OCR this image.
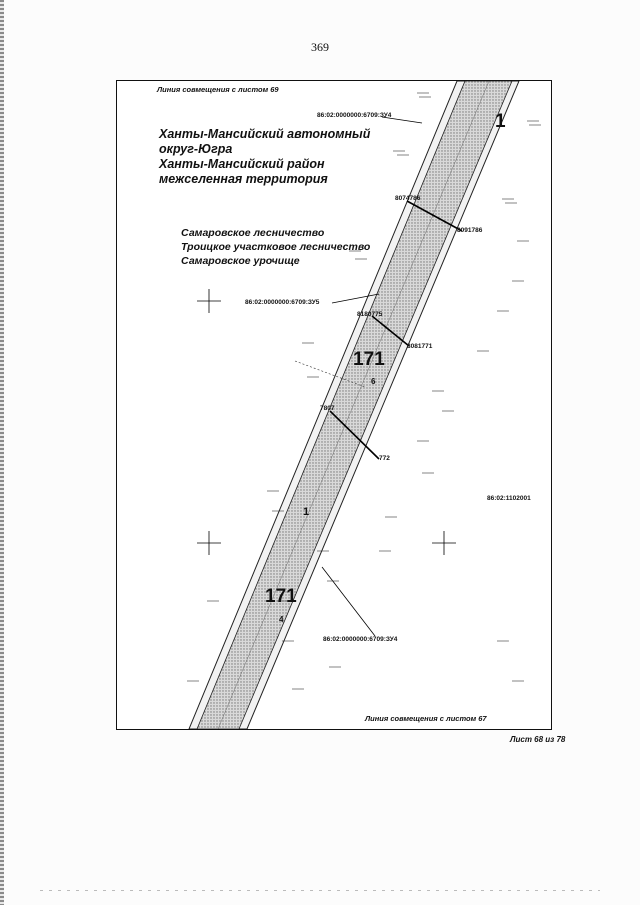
369
Линия совмещения с листом 69
Ханты-Мансийский автономный
округ-Югра
Ханты-Мансийский район
межселенная территория
Самаровское лесничество
Троицкое участковое лесничество
Самаровское урочище
86:02:0000000:6709:ЗУ4
86:02:0000000:6709:ЗУ5
86:02:0000000:6709:ЗУ4
86:02:1102001
1
1
171
6
171
4
8074786
8091786
8180775
8081771
7807
772
Линия совмещения с листом 67
Лист 68 из 78
